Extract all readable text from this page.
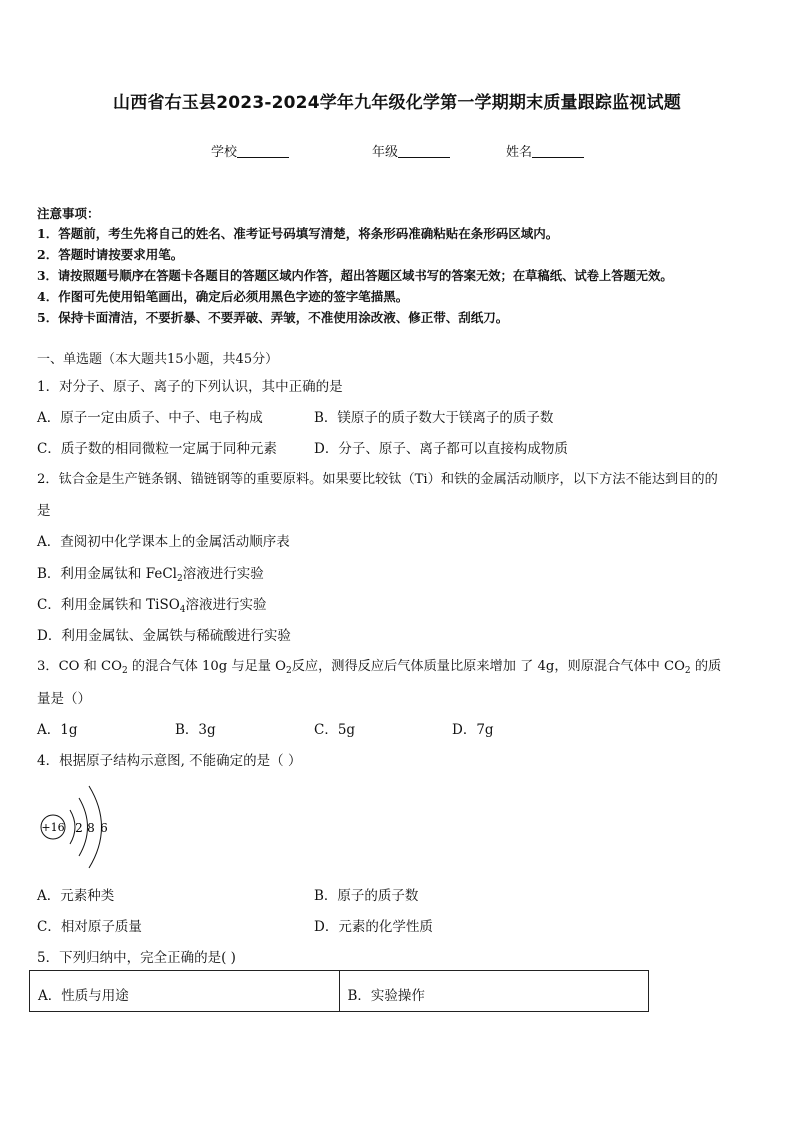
山西省右玉县2023-2024学年九年级化学第一学期期末质量跟踪监视试题
学校	年级	姓名
注意事项：
1．答题前，考生先将自己的姓名、准考证号码填写清楚，将条形码准确粘贴在条形码区域内。
2．答题时请按要求用笔。
3．请按照题号顺序在答题卡各题目的答题区域内作答，超出答题区域书写的答案无效；在草稿纸、试卷上答题无效。
4．作图可先使用铅笔画出，确定后必须用黑色字迹的签字笔描黑。
5．保持卡面清洁，不要折暴、不要弄破、弄皱，不准使用涂改液、修正带、刮纸刀。
一、单选题（本大题共15小题，共45分）
1．对分子、原子、离子的下列认识，其中正确的是
A．原子一定由质子、中子、电子构成	B．镁原子的质子数大于镁离子的质子数
C．质子数的相同微粒一定属于同种元素	D．分子、原子、离子都可以直接构成物质
2．钛合金是生产链条钢、锚链钢等的重要原料。如果要比较钛（Ti）和铁的金属活动顺序，以下方法不能达到目的的
是
A．查阅初中化学课本上的金属活动顺序表
B．利用金属钛和 FeCl$_2$溶液进行实验
C．利用金属铁和 TiSO$_4$溶液进行实验
D．利用金属钛、金属铁与稀硫酸进行实验
3．CO 和 $CO_2$ 的混合气体 10g 与足量 $O_2$反应，测得反应后气体质量比原来增加 了 4g，则原混合气体中 $CO_2$ 的质
量是（）
A．1g	B．3g	C．5g	D．7g
4．根据原子结构示意图, 不能确定的是（ ）
+16 2 8 6
A．元素种类	B．原子的质子数
C．相对原子质量	D．元素的化学性质
5．下列归纳中，完全正确的是( )
A．性质与用途	B．实验操作
